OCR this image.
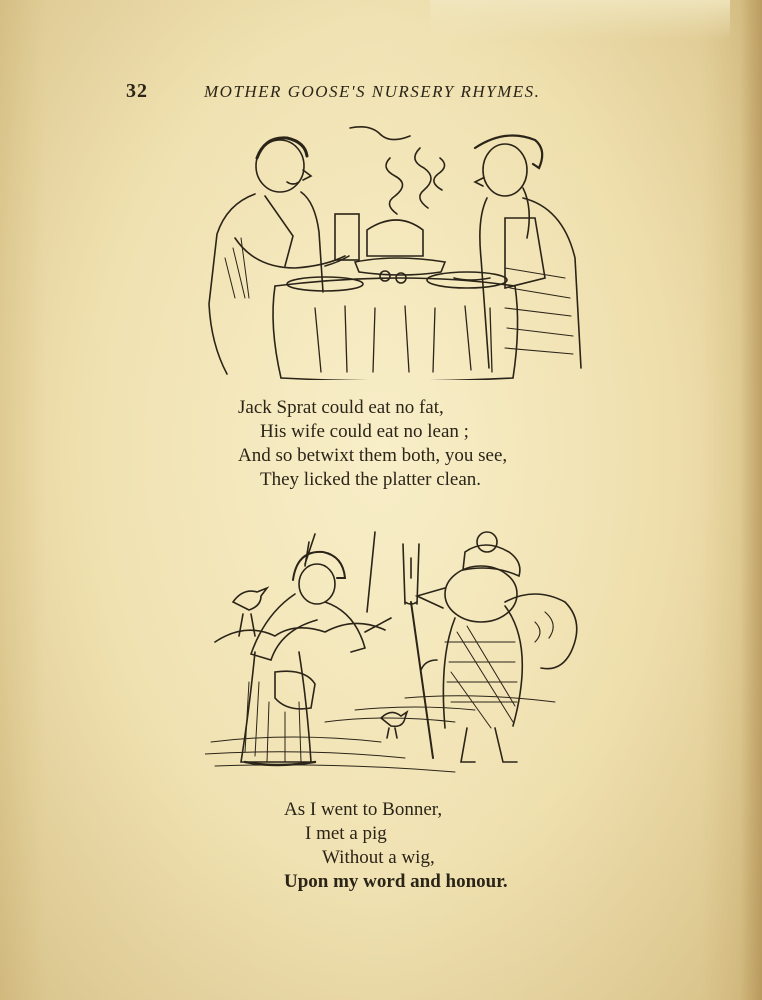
32	MOTHER GOOSE'S NURSERY RHYMES.
Jack Sprat could eat no fat,
His wife could eat no lean ;
And so betwixt them both, you see,
They licked the platter clean.
As I went to Bonner,
I met a pig
Without a wig,
Upon my word and honour.
